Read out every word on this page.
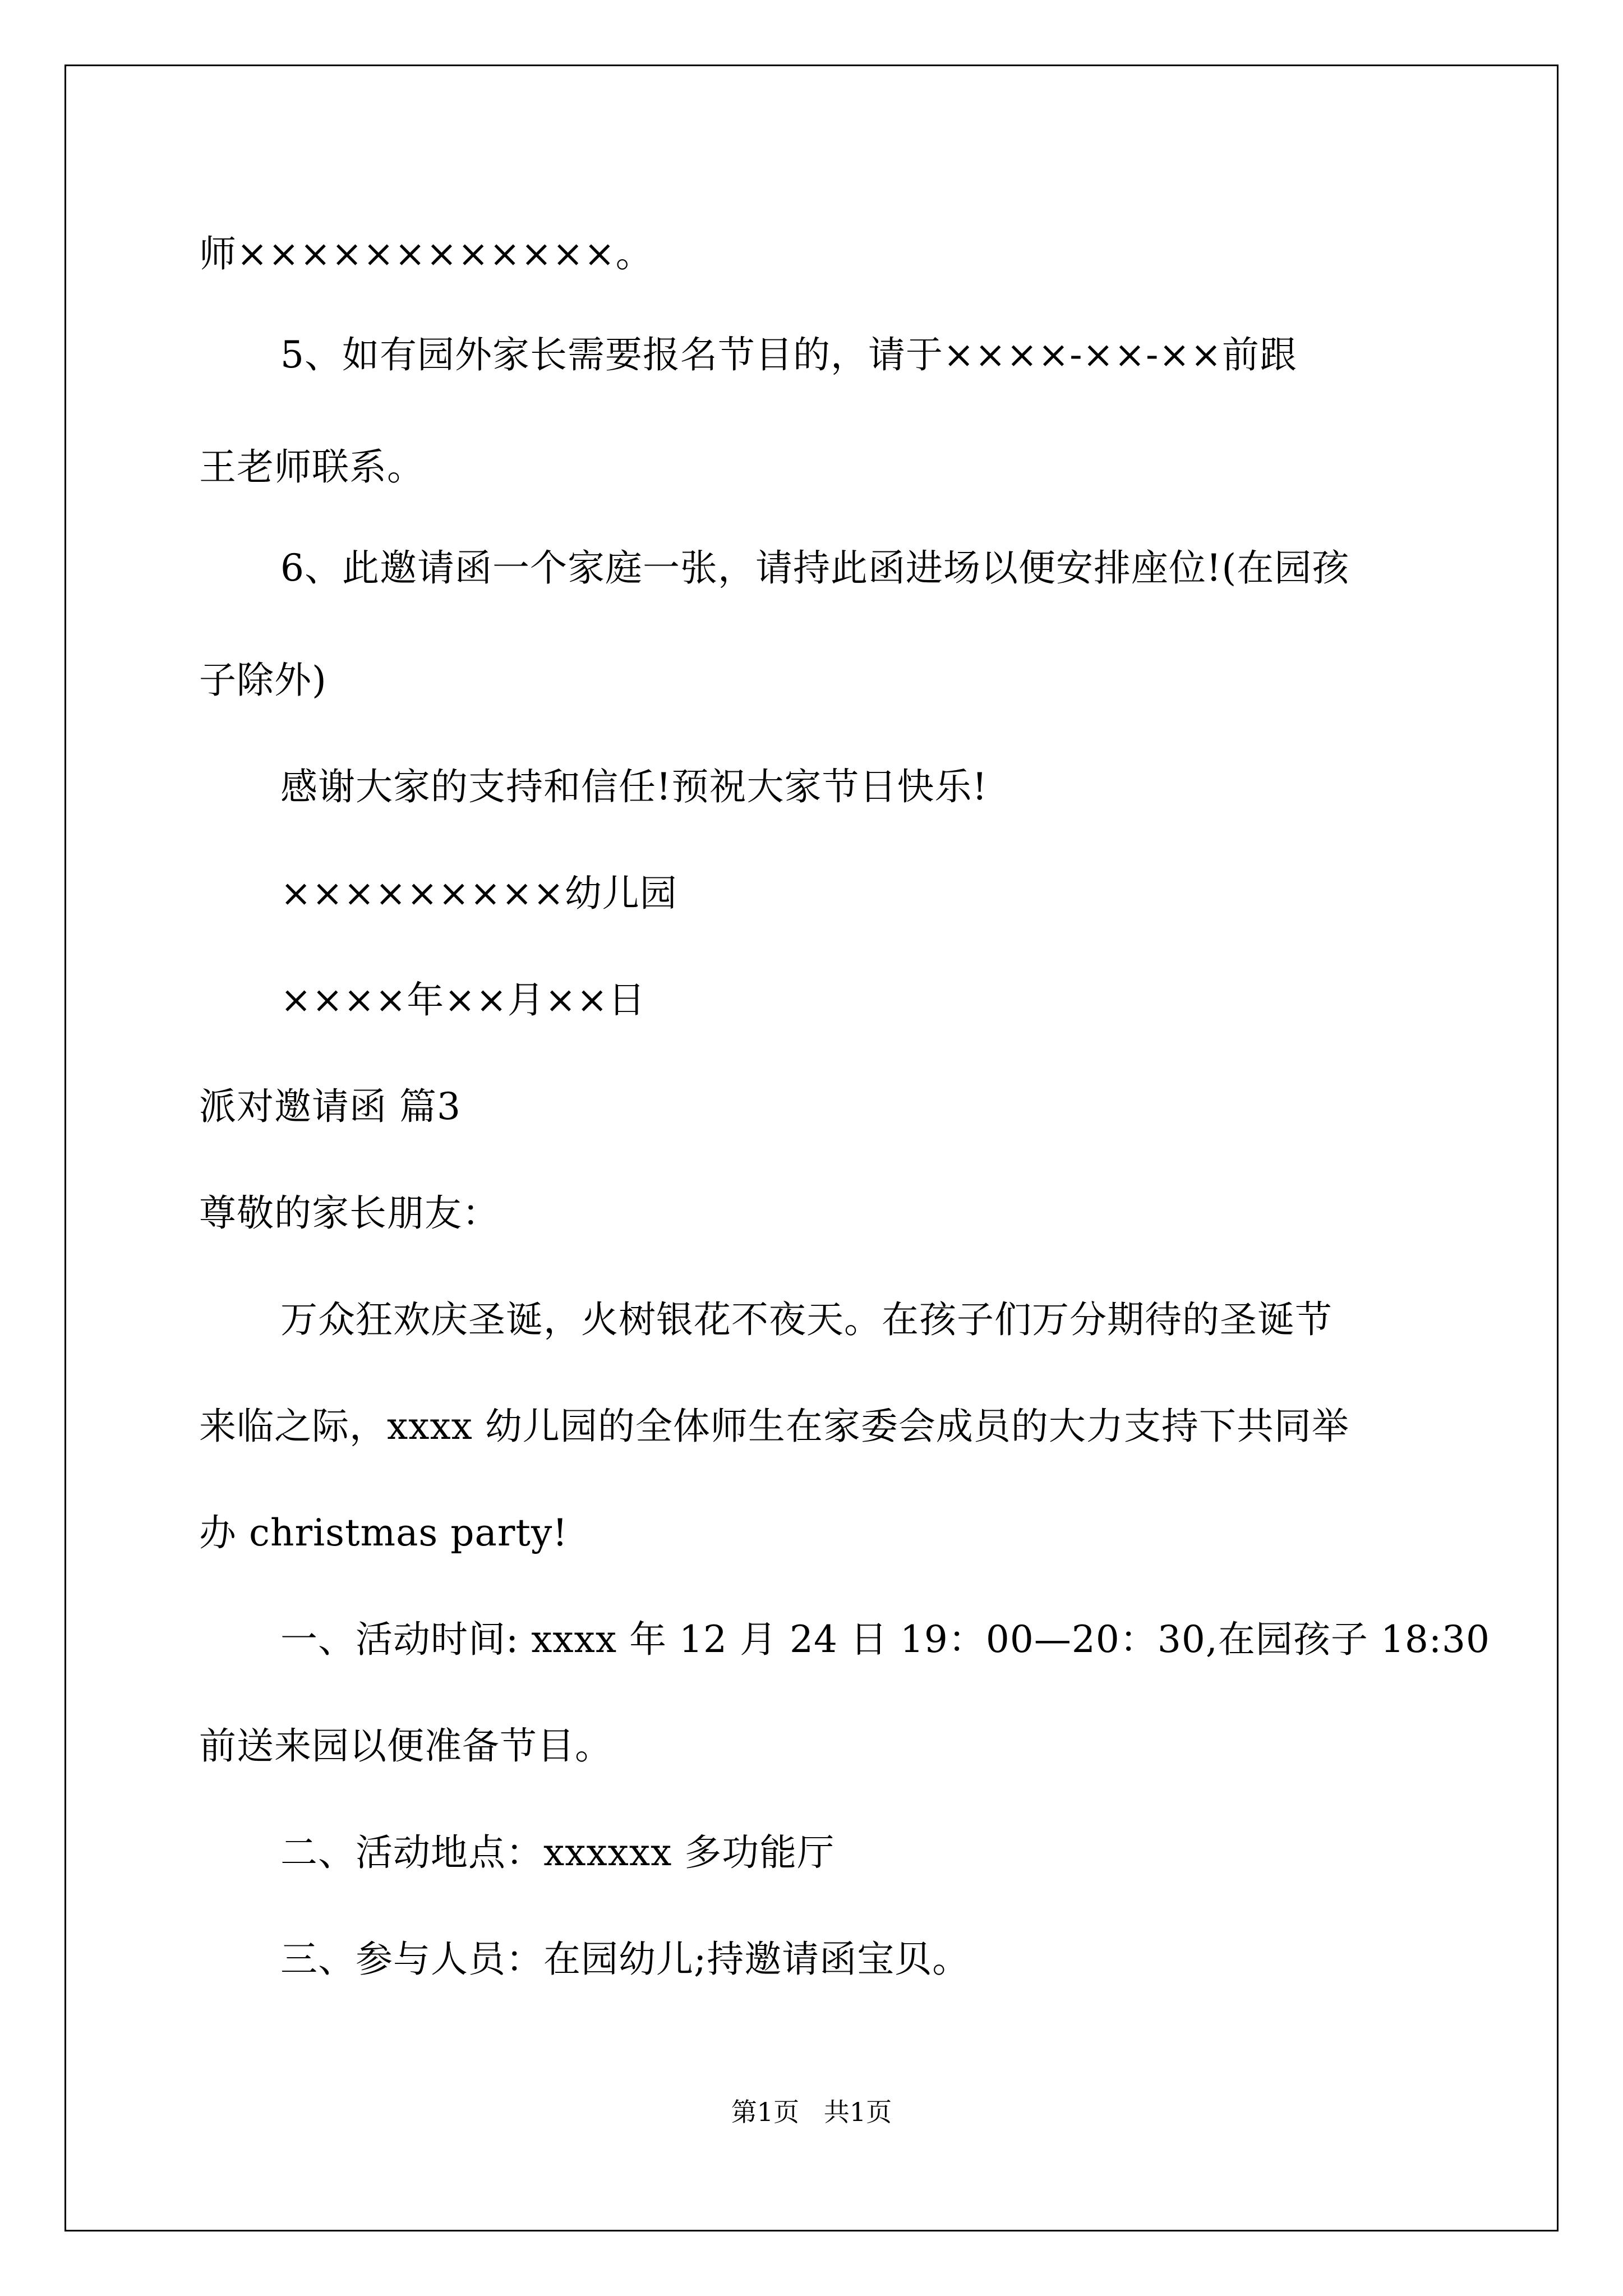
师××××××××××××。
5、如有园外家长需要报名节目的，请于××××-××-××前跟
王老师联系。
6、此邀请函一个家庭一张，请持此函进场以便安排座位!(在园孩
子除外)
感谢大家的支持和信任!预祝大家节日快乐!
×××××××××幼儿园
××××年××月××日
派对邀请函 篇3
尊敬的家长朋友：
万众狂欢庆圣诞，火树银花不夜天。在孩子们万分期待的圣诞节
来临之际，xxxx 幼儿园的全体师生在家委会成员的大力支持下共同举
办 christmas party!
一、活动时间: xxxx 年 12 月 24 日 19：00—20：30,在园孩子 18:30
前送来园以便准备节目。
二、活动地点：xxxxxx 多功能厅
三、参与人员：在园幼儿;持邀请函宝贝。
第1页   共1页
